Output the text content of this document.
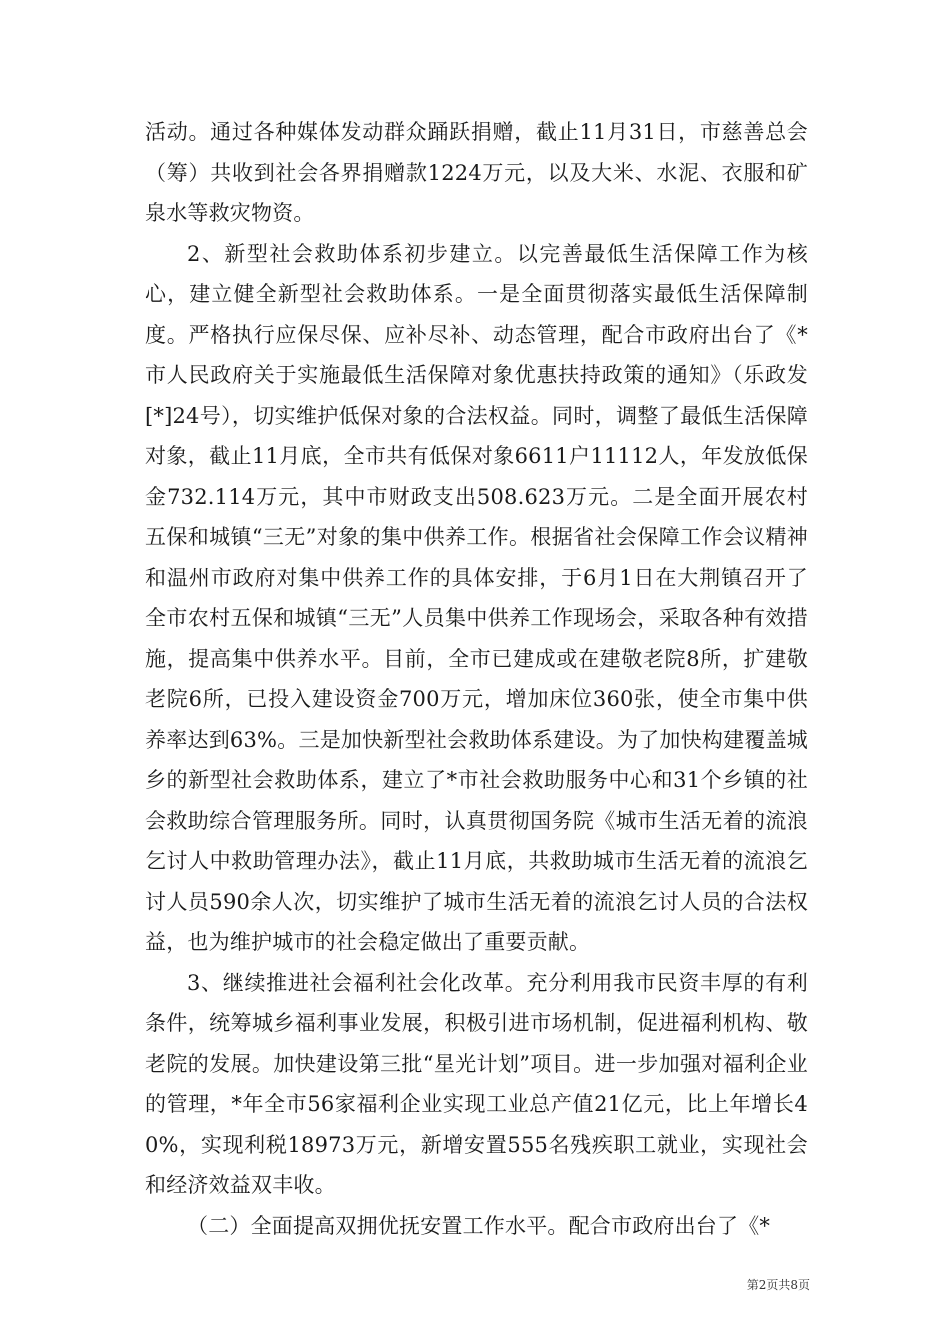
活动。通过各种媒体发动群众踊跃捐赠，截止11月31日，市慈善总会（筹）共收到社会各界捐赠款1224万元，以及大米、水泥、衣服和矿泉水等救灾物资。

2、新型社会救助体系初步建立。以完善最低生活保障工作为核心，建立健全新型社会救助体系。一是全面贯彻落实最低生活保障制度。严格执行应保尽保、应补尽补、动态管理，配合市政府出台了《*市人民政府关于实施最低生活保障对象优惠扶持政策的通知》（乐政发[*]24号），切实维护低保对象的合法权益。同时，调整了最低生活保障对象，截止11月底，全市共有低保对象6611户11112人，年发放低保金732.114万元，其中市财政支出508.623万元。二是全面开展农村五保和城镇“三无”对象的集中供养工作。根据省社会保障工作会议精神和温州市政府对集中供养工作的具体安排，于6月1日在大荆镇召开了全市农村五保和城镇“三无”人员集中供养工作现场会，采取各种有效措施，提高集中供养水平。目前，全市已建成或在建敬老院8所，扩建敬老院6所，已投入建设资金700万元，增加床位360张，使全市集中供养率达到63%。三是加快新型社会救助体系建设。为了加快构建覆盖城乡的新型社会救助体系，建立了*市社会救助服务中心和31个乡镇的社会救助综合管理服务所。同时，认真贯彻国务院《城市生活无着的流浪乞讨人中救助管理办法》，截止11月底，共救助城市生活无着的流浪乞讨人员590余人次，切实维护了城市生活无着的流浪乞讨人员的合法权益，也为维护城市的社会稳定做出了重要贡献。

3、继续推进社会福利社会化改革。充分利用我市民资丰厚的有利条件，统筹城乡福利事业发展，积极引进市场机制，促进福利机构、敬老院的发展。加快建设第三批“星光计划”项目。进一步加强对福利企业的管理，*年全市56家福利企业实现工业总产值21亿元，比上年增长40%，实现利税18973万元，新增安置555名残疾职工就业，实现社会和经济效益双丰收。

（二）全面提高双拥优抚安置工作水平。配合市政府出台了《*

第2页共8页
